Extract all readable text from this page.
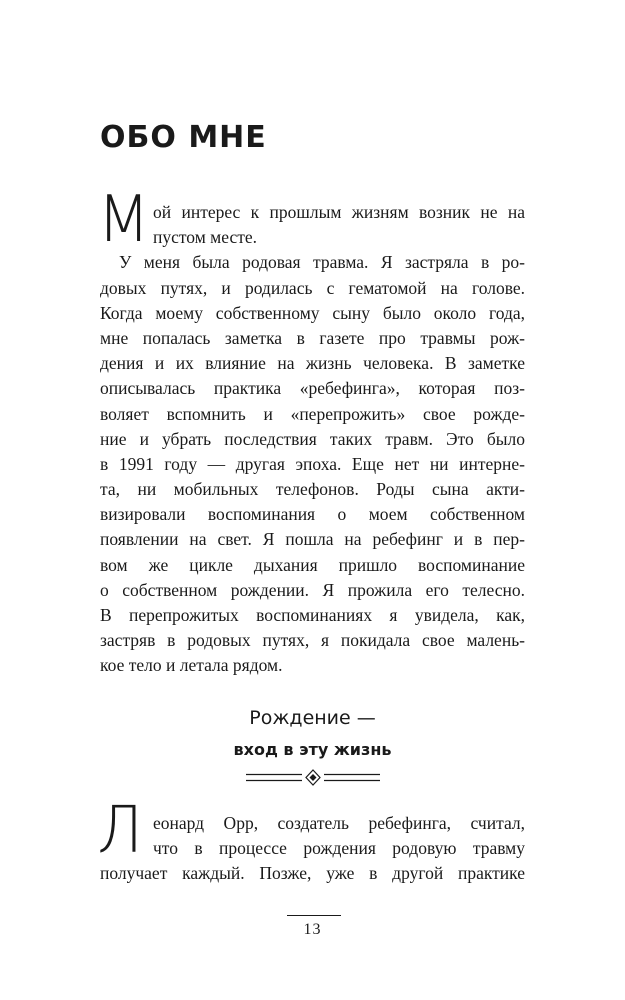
ОБО МНЕ
М ой интерес к прошлым жизням возник не на
пустом месте.
У меня была родовая травма. Я застряла в ро-
довых путях, и родилась с гематомой на голове.
Когда моему собственному сыну было около года,
мне попалась заметка в газете про травмы рож-
дения и их влияние на жизнь человека. В заметке
описывалась практика «ребефинга», которая поз-
воляет вспомнить и «перепрожить» свое рожде-
ние и убрать последствия таких травм. Это было
в 1991 году — другая эпоха. Еще нет ни интерне-
та, ни мобильных телефонов. Роды сына акти-
визировали воспоминания о моем собственном
появлении на свет. Я пошла на ребефинг и в пер-
вом же цикле дыхания пришло воспоминание
о собственном рождении. Я прожила его телесно.
В перепрожитых воспоминаниях я увидела, как,
застряв в родовых путях, я покидала свое малень-
кое тело и летала рядом.
Рождение —
вход в эту жизнь
Л еонард Орр, создатель ребефинга, считал,
что в процессе рождения родовую травму
получает каждый. Позже, уже в другой практике
13
